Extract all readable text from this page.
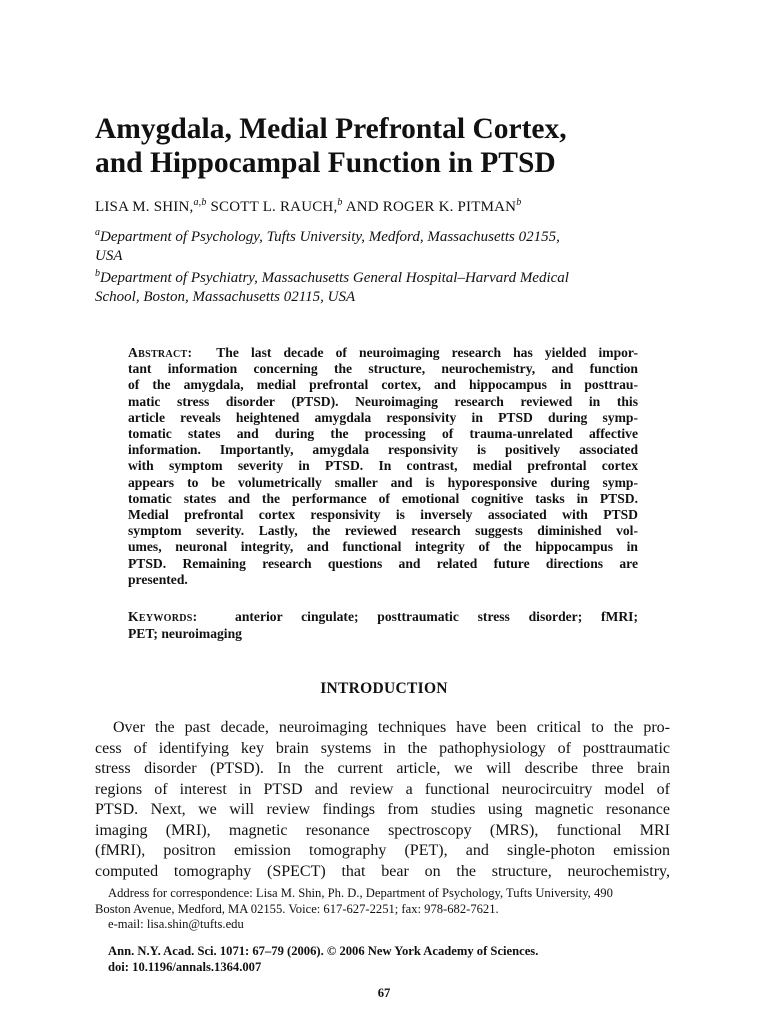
Amygdala, Medial Prefrontal Cortex,
and Hippocampal Function in PTSD
LISA M. SHIN,$^{a,b}$ SCOTT L. RAUCH,$^b$ AND ROGER K. PITMAN$^b$
$^a$Department of Psychology, Tufts University, Medford, Massachusetts 02155,
USA
$^b$Department of Psychiatry, Massachusetts General Hospital–Harvard Medical
School, Boston, Massachusetts 02115, USA
Abstract: The last decade of neuroimaging research has yielded impor-
tant information concerning the structure, neurochemistry, and function
of the amygdala, medial prefrontal cortex, and hippocampus in posttrau-
matic stress disorder (PTSD). Neuroimaging research reviewed in this
article reveals heightened amygdala responsivity in PTSD during symp-
tomatic states and during the processing of trauma-unrelated affective
information. Importantly, amygdala responsivity is positively associated
with symptom severity in PTSD. In contrast, medial prefrontal cortex
appears to be volumetrically smaller and is hyporesponsive during symp-
tomatic states and the performance of emotional cognitive tasks in PTSD.
Medial prefrontal cortex responsivity is inversely associated with PTSD
symptom severity. Lastly, the reviewed research suggests diminished vol-
umes, neuronal integrity, and functional integrity of the hippocampus in
PTSD. Remaining research questions and related future directions are
presented.
Keywords:	anterior cingulate; posttraumatic stress disorder; fMRI;
PET; neuroimaging
INTRODUCTION
Over the past decade, neuroimaging techniques have been critical to the pro-
cess of identifying key brain systems in the pathophysiology of posttraumatic
stress disorder (PTSD). In the current article, we will describe three brain
regions of interest in PTSD and review a functional neurocircuitry model of
PTSD. Next, we will review findings from studies using magnetic resonance
imaging (MRI), magnetic resonance spectroscopy (MRS), functional MRI
(fMRI), positron emission tomography (PET), and single-photon emission
computed tomography (SPECT) that bear on the structure, neurochemistry,
Address for correspondence: Lisa M. Shin, Ph. D., Department of Psychology, Tufts University, 490
Boston Avenue, Medford, MA 02155. Voice: 617-627-2251; fax: 978-682-7621.
e-mail: lisa.shin@tufts.edu
Ann. N.Y. Acad. Sci. 1071: 67–79 (2006). © 2006 New York Academy of Sciences.
doi: 10.1196/annals.1364.007
67
